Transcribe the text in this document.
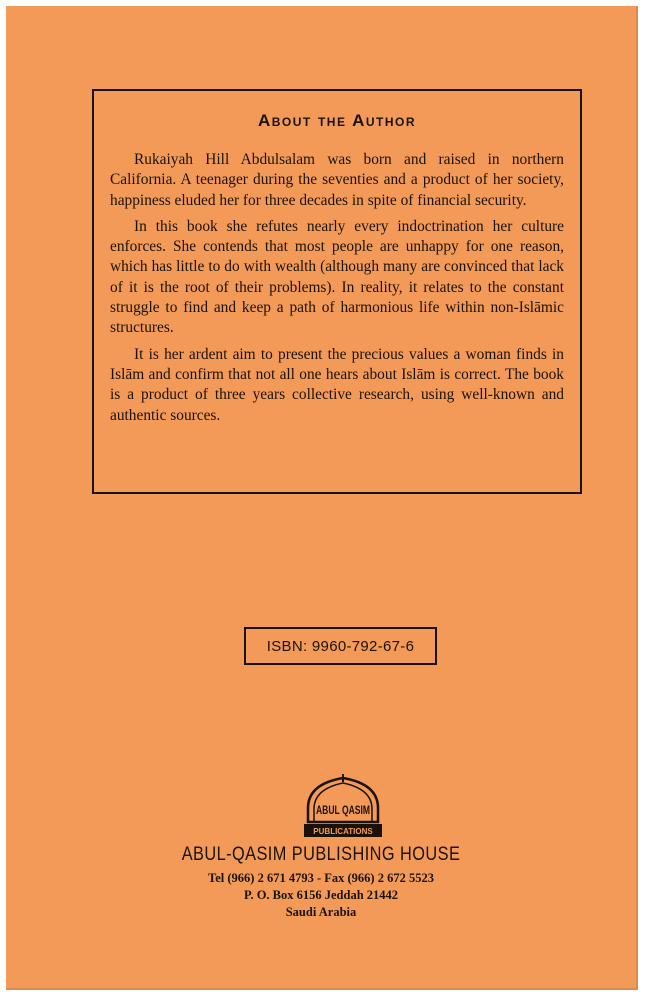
About the Author

Rukaiyah Hill Abdulsalam was born and raised in northern California. A teenager during the seventies and a product of her society, happiness eluded her for three decades in spite of financial security.

In this book she refutes nearly every indoctrination her culture enforces. She contends that most people are unhappy for one reason, which has little to do with wealth (although many are convinced that lack of it is the root of their problems). In reality, it relates to the constant struggle to find and keep a path of harmonious life within non-Islāmic structures.

It is her ardent aim to present the precious values a woman finds in Islām and confirm that not all one hears about Islām is correct. The book is a product of three years collective research, using well-known and authentic sources.

ISBN: 9960-792-67-6
ABUL QASIM
PUBLICATIONS
ABUL-QASIM PUBLISHING HOUSE
Tel (966) 2 671 4793 - Fax (966) 2 672 5523
P. O. Box 6156 Jeddah 21442
Saudi Arabia
